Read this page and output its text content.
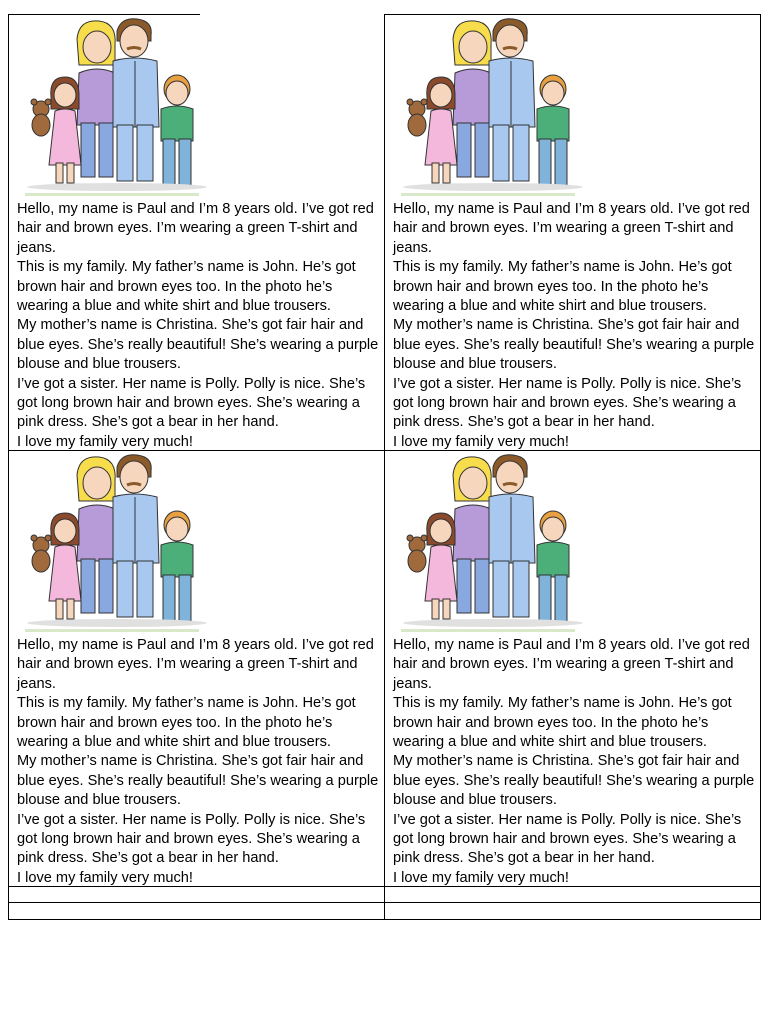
Hello, my name is Paul and I’m 8 years old. I’ve got red hair and brown eyes. I’m wearing a green T-shirt and jeans.

This is my family. My father’s name is John. He’s got brown hair and brown eyes too. In the photo he’s wearing a blue and white shirt and blue trousers.

My mother’s name is Christina. She’s got fair hair and blue eyes. She’s really beautiful! She’s wearing a purple blouse and blue trousers.

I’ve got a sister. Her name is Polly. Polly is nice. She’s got long brown hair and brown eyes. She’s wearing a pink dress. She’s got a bear in her hand.

I love my family very much!

Hello, my name is Paul and I’m 8 years old. I’ve got red hair and brown eyes. I’m wearing a green T-shirt and jeans.

This is my family. My father’s name is John. He’s got brown hair and brown eyes too. In the photo he’s wearing a blue and white shirt and blue trousers.

My mother’s name is Christina. She’s got fair hair and blue eyes. She’s really beautiful! She’s wearing a purple blouse and blue trousers.

I’ve got a sister. Her name is Polly. Polly is nice. She’s got long brown hair and brown eyes. She’s wearing a pink dress. She’s got a bear in her hand.

I love my family very much!

Hello, my name is Paul and I’m 8 years old. I’ve got red hair and brown eyes. I’m wearing a green T-shirt and jeans.

This is my family. My father’s name is John. He’s got brown hair and brown eyes too. In the photo he’s wearing a blue and white shirt and blue trousers.

My mother’s name is Christina. She’s got fair hair and blue eyes. She’s really beautiful! She’s wearing a purple blouse and blue trousers.

I’ve got a sister. Her name is Polly. Polly is nice. She’s got long brown hair and brown eyes. She’s wearing a pink dress. She’s got a bear in her hand.

I love my family very much!

Hello, my name is Paul and I’m 8 years old. I’ve got red hair and brown eyes. I’m wearing a green T-shirt and jeans.

This is my family. My father’s name is John. He’s got brown hair and brown eyes too. In the photo he’s wearing a blue and white shirt and blue trousers.

My mother’s name is Christina. She’s got fair hair and blue eyes. She’s really beautiful! She’s wearing a purple blouse and blue trousers.

I’ve got a sister. Her name is Polly. Polly is nice. She’s got long brown hair and brown eyes. She’s wearing a pink dress. She’s got a bear in her hand.

I love my family very much!
